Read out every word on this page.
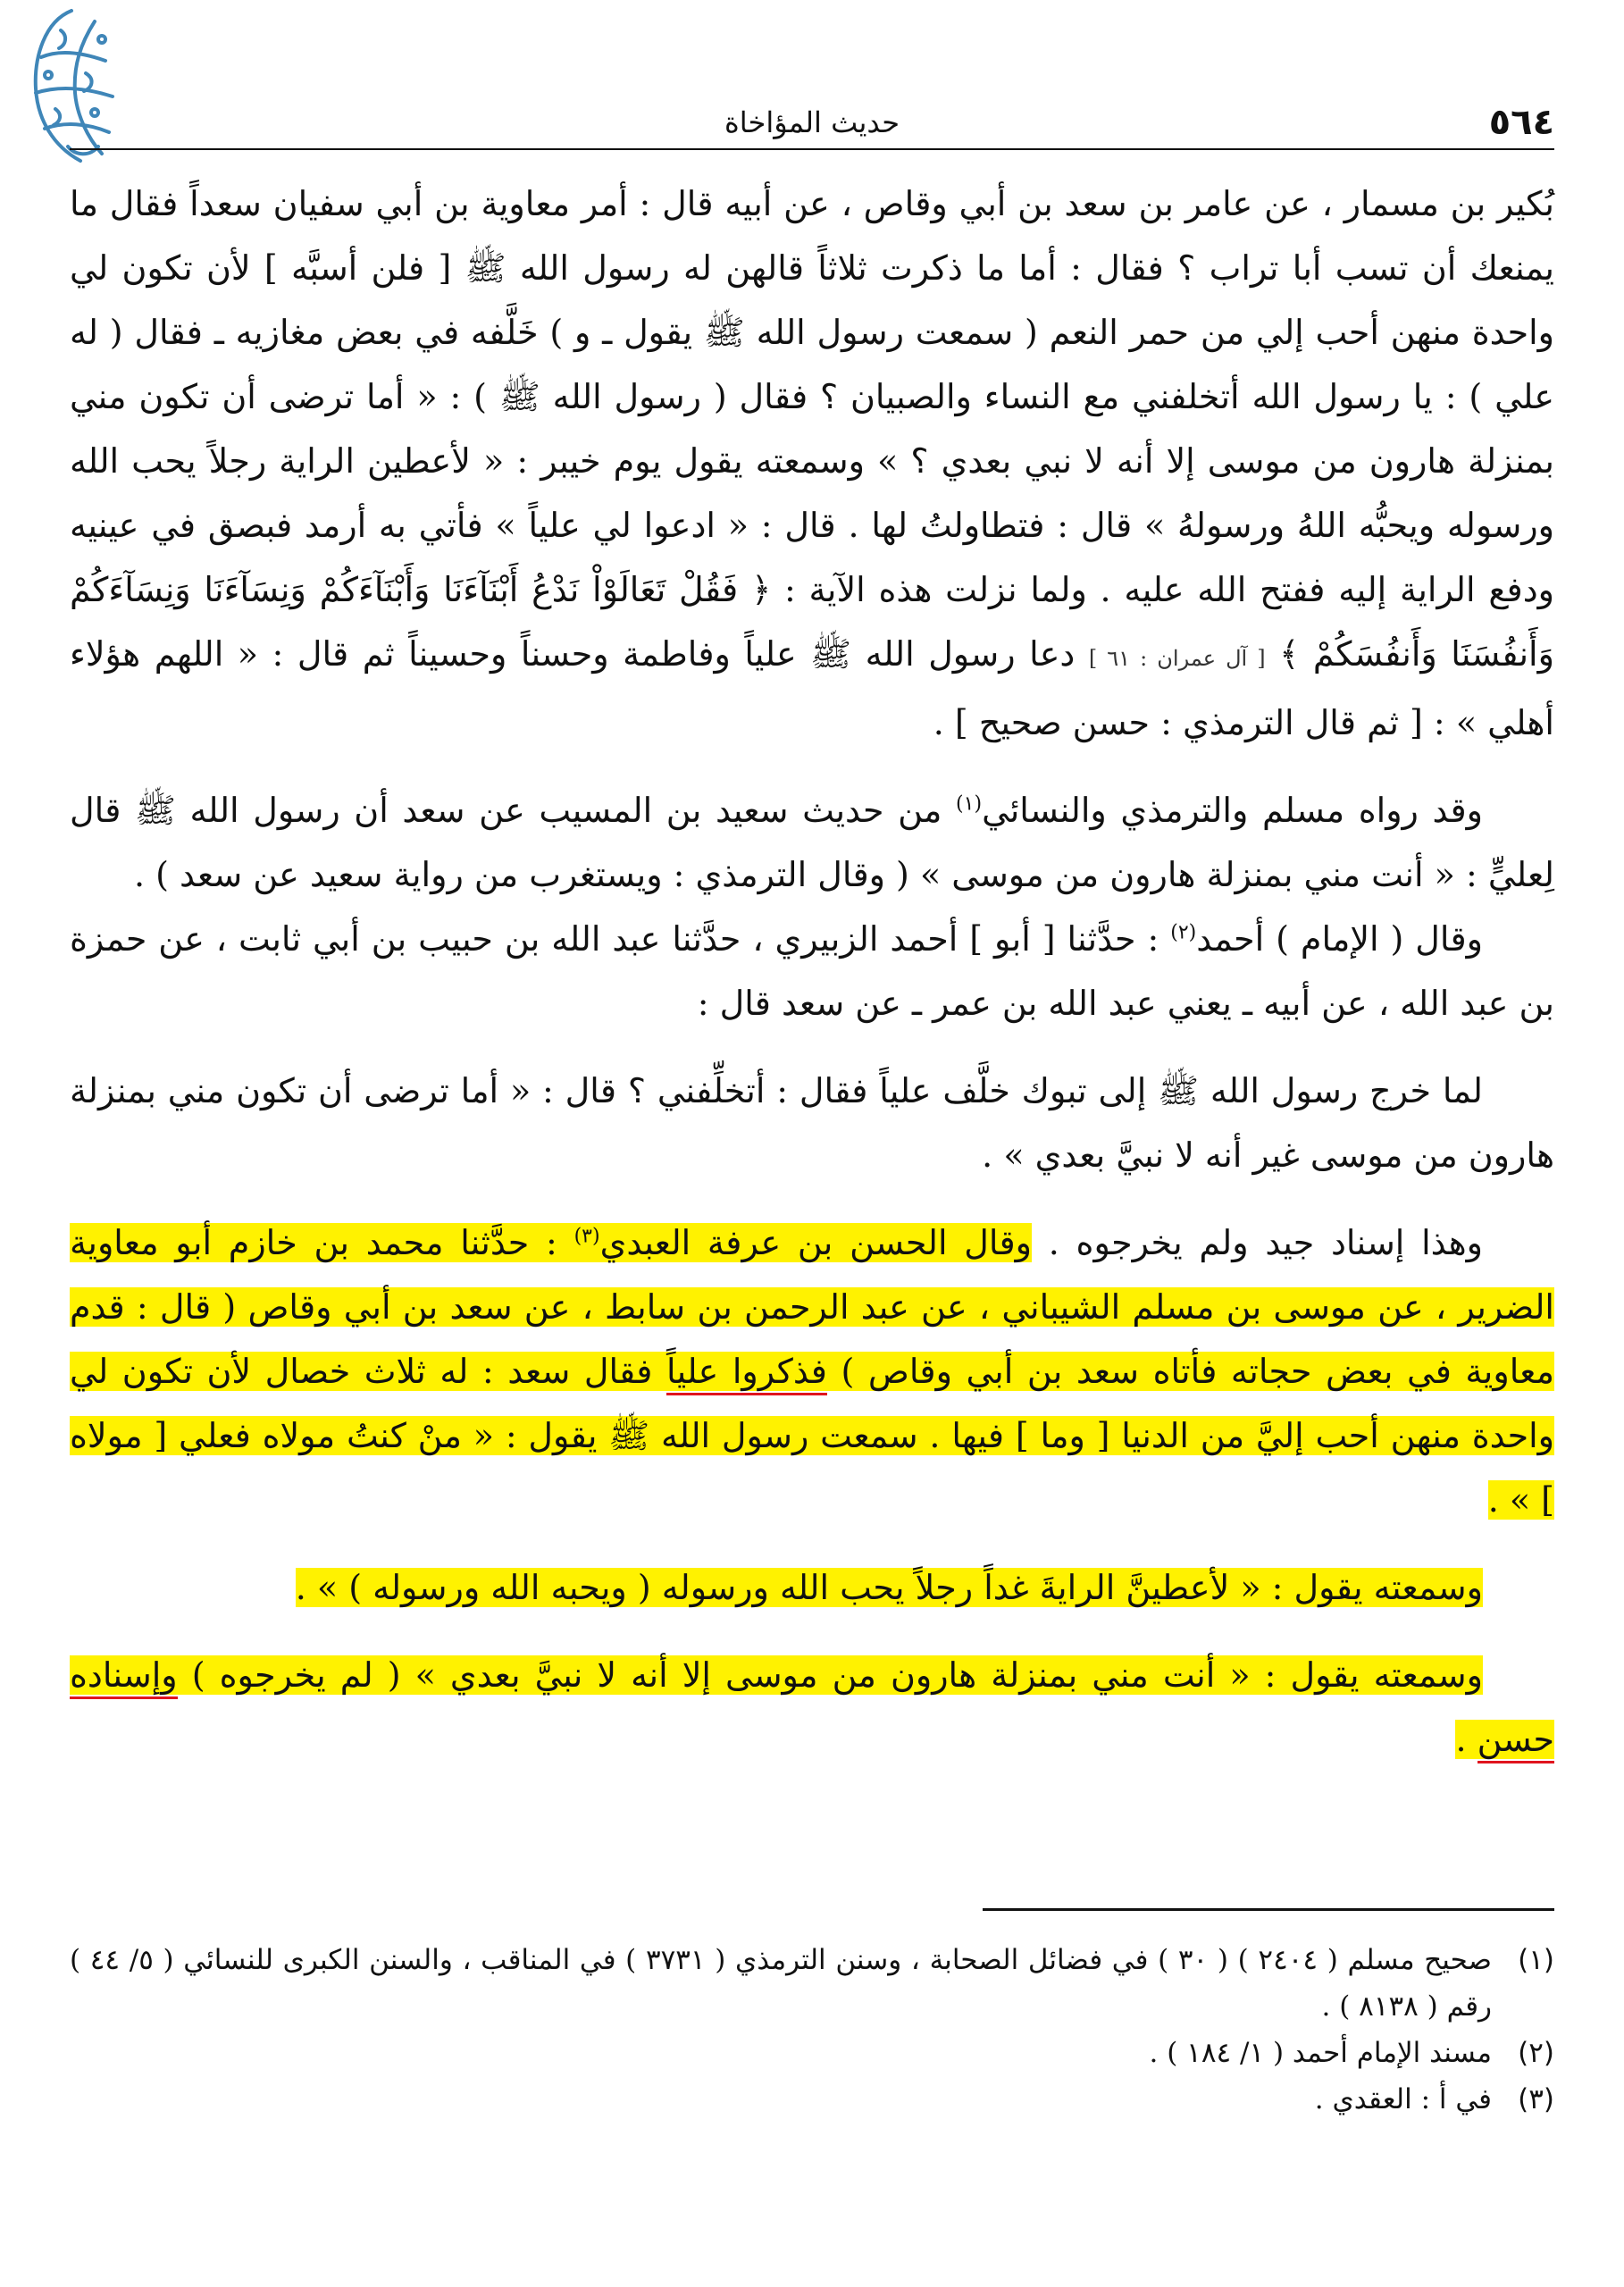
٥٦٤
حديث المؤاخاة

بُكير بن مسمار ، عن عامر بن سعد بن أبي وقاص ، عن أبيه قال : أمر معاوية بن أبي سفيان سعداً فقال ما يمنعك أن تسب أبا تراب ؟ فقال : أما ما ذكرت ثلاثاً قالهن له رسول الله ﷺ [ فلن أسبَّه ] لأن تكون لي واحدة منهن أحب إلي من حمر النعم ( سمعت رسول الله ﷺ يقول ـ و ) خَلَّفه في بعض مغازيه ـ فقال ( له علي ) : يا رسول الله أتخلفني مع النساء والصبيان ؟ فقال ( رسول الله ﷺ ) : « أما ترضى أن تكون مني بمنزلة هارون من موسى إلا أنه لا نبي بعدي ؟ » وسمعته يقول يوم خيبر : « لأعطين الراية رجلاً يحب الله ورسوله ويحبُّه اللهُ ورسولهُ » قال : فتطاولتُ لها . قال : « ادعوا لي علياً » فأتي به أرمد فبصق في عينيه ودفع الراية إليه ففتح الله عليه . ولما نزلت هذه الآية : ﴿ فَقُلْ تَعَالَوْاْ نَدْعُ أَبْنَآءَنَا وَأَبْنَآءَكُمْ وَنِسَآءَنَا وَنِسَآءَكُمْ وَأَنفُسَنَا وَأَنفُسَكُمْ ﴾ [ آل عمران : ٦١ ] دعا رسول الله ﷺ علياً وفاطمة وحسناً وحسيناً ثم قال : « اللهم هؤلاء أهلي » : [ ثم قال الترمذي : حسن صحيح ] .

وقد رواه مسلم والترمذي والنسائي$^{(١)}$ من حديث سعيد بن المسيب عن سعد أن رسول الله ﷺ قال لِعليٍّ : « أنت مني بمنزلة هارون من موسى » ( وقال الترمذي : ويستغرب من رواية سعيد عن سعد ) .

وقال ( الإمام ) أحمد$^{(٢)}$ : حدَّثنا [ أبو ] أحمد الزبيري ، حدَّثنا عبد الله بن حبيب بن أبي ثابت ، عن حمزة بن عبد الله ، عن أبيه ـ يعني عبد الله بن عمر ـ عن سعد قال :

لما خرج رسول الله ﷺ إلى تبوك خلَّف علياً فقال : أتخلِّفني ؟ قال : « أما ترضى أن تكون مني بمنزلة هارون من موسى غير أنه لا نبيَّ بعدي » .

وهذا إسناد جيد ولم يخرجوه . وقال الحسن بن عرفة العبدي$^{(٣)}$ : حدَّثنا محمد بن خازم أبو معاوية الضرير ، عن موسى بن مسلم الشيباني ، عن عبد الرحمن بن سابط ، عن سعد بن أبي وقاص ( قال : قدم معاوية في بعض حجاته فأتاه سعد بن أبي وقاص ) فذكروا علياً فقال سعد : له ثلاث خصال لأن تكون لي واحدة منهن أحب إليَّ من الدنيا [ وما ] فيها . سمعت رسول الله ﷺ يقول : « منْ كنتُ مولاه فعلي [ مولاه ] » .

وسمعته يقول : « لأعطينَّ الرايةَ غداً رجلاً يحب الله ورسوله ( ويحبه الله ورسوله ) » .

وسمعته يقول : « أنت مني بمنزلة هارون من موسى إلا أنه لا نبيَّ بعدي » ( لم يخرجوه ) وإسناده حسن .

(١)
صحيح مسلم ( ٢٤٠٤ ) ( ٣٠ ) في فضائل الصحابة ، وسنن الترمذي ( ٣٧٣١ ) في المناقب ، والسنن الكبرى للنسائي ( ٥/ ٤٤ ) رقم ( ٨١٣٨ ) .
(٢)
مسند الإمام أحمد ( ١/ ١٨٤ ) .
(٣)
في أ : العقدي .
